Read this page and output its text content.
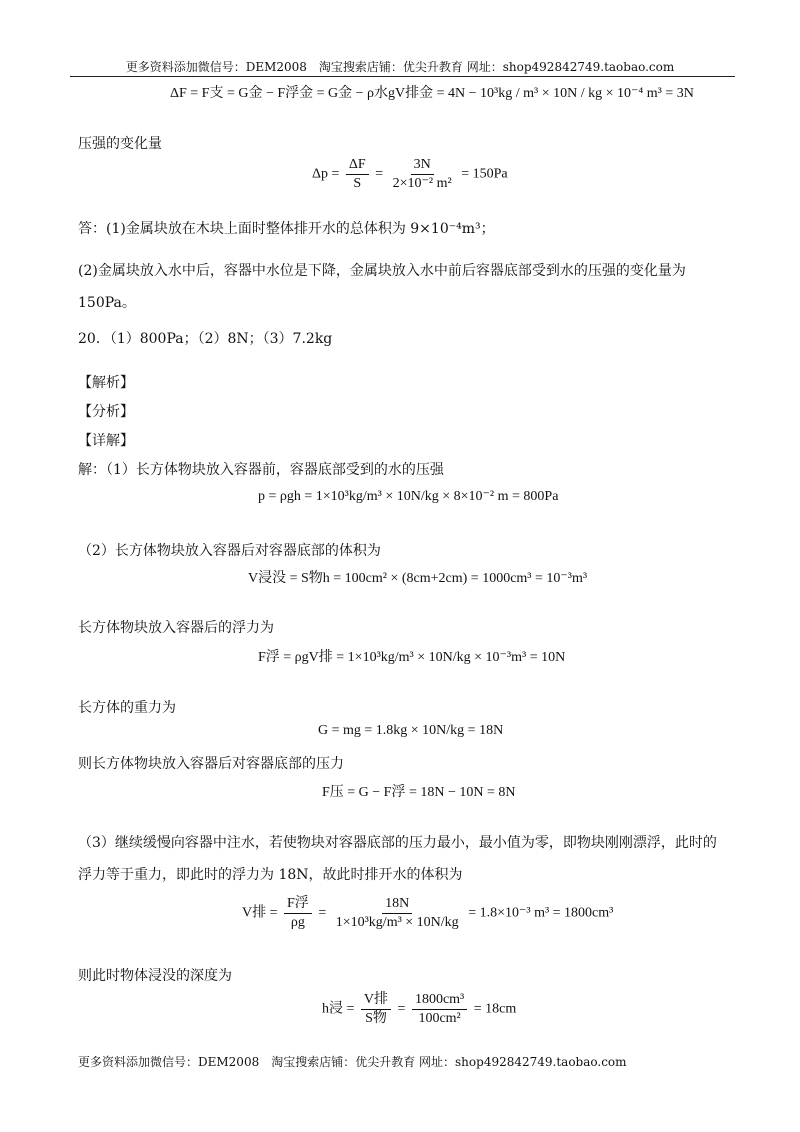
更多资料添加微信号：DEM2008　淘宝搜索店铺：优尖升教育 网址：shop492842749.taobao.com
ΔF = F支 = G金 − F浮金 = G金 − ρ水gV排金 = 4N − 10³kg / m³ × 10N / kg × 10⁻⁴ m³ = 3N
压强的变化量
$\Delta p = \frac{\Delta F}{S} = \frac{3N}{\text{2×10⁻² m²}} = 150Pa$
答：(1)金属块放在木块上面时整体排开水的总体积为 9×10⁻⁴m³；
(2)金属块放入水中后，容器中水位是下降，金属块放入水中前后容器底部受到水的压强的变化量为
150Pa。
20．（1）800Pa；（2）8N；（3）7.2kg
【解析】
【分析】
【详解】
解：（1）长方体物块放入容器前，容器底部受到的水的压强
p = ρgh = 1×10³kg/m³ × 10N/kg × 8×10⁻² m = 800Pa
（2）长方体物块放入容器后对容器底部的体积为
V浸没 = S物h = 100cm² × (8cm+2cm) = 1000cm³ = 10⁻³m³
长方体物块放入容器后的浮力为
F浮 = ρgV排 = 1×10³kg/m³ × 10N/kg × 10⁻³m³ = 10N
长方体的重力为
G = mg = 1.8kg × 10N/kg = 18N
则长方体物块放入容器后对容器底部的压力
F压 = G − F浮 = 18N − 10N = 8N
（3）继续缓慢向容器中注水，若使物块对容器底部的压力最小，最小值为零，即物块刚刚漂浮，此时的
浮力等于重力，即此时的浮力为 18N，故此时排开水的体积为
V排 = $\frac{\text{F浮}}{\rho g} = \frac{18N}{\text{1×10³kg/m³ × 10N/kg}} = 1.8\times 10^{-3}$ m³ = 1800cm³
则此时物体浸没的深度为
h浸 = $\frac{\text{V排}}{\text{S物}} = \frac{\text{1800cm³}}{\text{100cm²}} = 18cm$
更多资料添加微信号：DEM2008　淘宝搜索店铺：优尖升教育 网址：shop492842749.taobao.com
